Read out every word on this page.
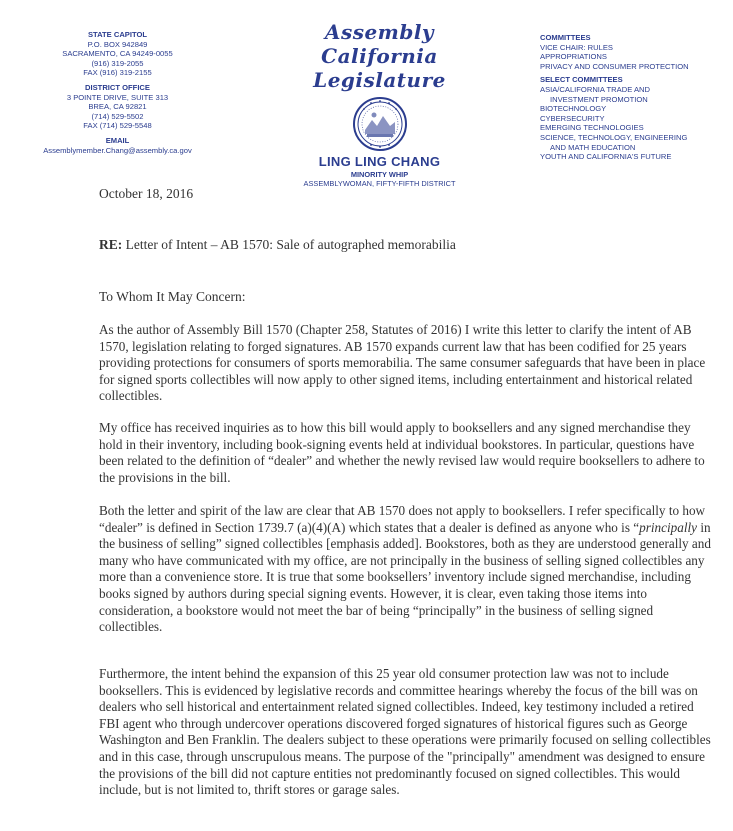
STATE CAPITOL
P.O. BOX 942849
SACRAMENTO, CA 94249-0055
(916) 319-2055
FAX (916) 319-2155
DISTRICT OFFICE
3 POINTE DRIVE, SUITE 313
BREA, CA 92821
(714) 529-5502
FAX (714) 529-5548
EMAIL
Assemblymember.Chang@assembly.ca.gov
Assembly
California Legislature
LING LING CHANG
MINORITY WHIP
ASSEMBLYWOMAN, FIFTY-FIFTH DISTRICT
COMMITTEES
VICE CHAIR: RULES
APPROPRIATIONS
PRIVACY AND CONSUMER PROTECTION
SELECT COMMITTEES
ASIA/CALIFORNIA TRADE AND
INVESTMENT PROMOTION
BIOTECHNOLOGY
CYBERSECURITY
EMERGING TECHNOLOGIES
SCIENCE, TECHNOLOGY, ENGINEERING
AND MATH EDUCATION
YOUTH AND CALIFORNIA'S FUTURE
October 18, 2016
RE: Letter of Intent – AB 1570: Sale of autographed memorabilia
To Whom It May Concern:

As the author of Assembly Bill 1570 (Chapter 258, Statutes of 2016) I write this letter to clarify the intent of AB 1570, legislation relating to forged signatures. AB 1570 expands current law that has been codified for 25 years providing protections for consumers of sports memorabilia. The same consumer safeguards that have been in place for signed sports collectibles will now apply to other signed items, including entertainment and historical related collectibles.

My office has received inquiries as to how this bill would apply to booksellers and any signed merchandise they hold in their inventory, including book-signing events held at individual bookstores. In particular, questions have been related to the definition of “dealer” and whether the newly revised law would require booksellers to adhere to the provisions in the bill.

Both the letter and spirit of the law are clear that AB 1570 does not apply to booksellers. I refer specifically to how “dealer” is defined in Section 1739.7 (a)(4)(A) which states that a dealer is defined as anyone who is “principally in the business of selling” signed collectibles [emphasis added]. Bookstores, both as they are understood generally and many who have communicated with my office, are not principally in the business of selling signed collectibles any more than a convenience store. It is true that some booksellers’ inventory include signed merchandise, including books signed by authors during special signing events. However, it is clear, even taking those items into consideration, a bookstore would not meet the bar of being “principally” in the business of selling signed collectibles.

Furthermore, the intent behind the expansion of this 25 year old consumer protection law was not to include booksellers. This is evidenced by legislative records and committee hearings whereby the focus of the bill was on dealers who sell historical and entertainment related signed collectibles. Indeed, key testimony included a retired FBI agent who through undercover operations discovered forged signatures of historical figures such as George Washington and Ben Franklin. The dealers subject to these operations were primarily focused on selling collectibles and in this case, through unscrupulous means. The purpose of the "principally" amendment was designed to ensure the provisions of the bill did not capture entities not predominantly focused on signed collectibles. This would include, but is not limited to, thrift stores or garage sales.
